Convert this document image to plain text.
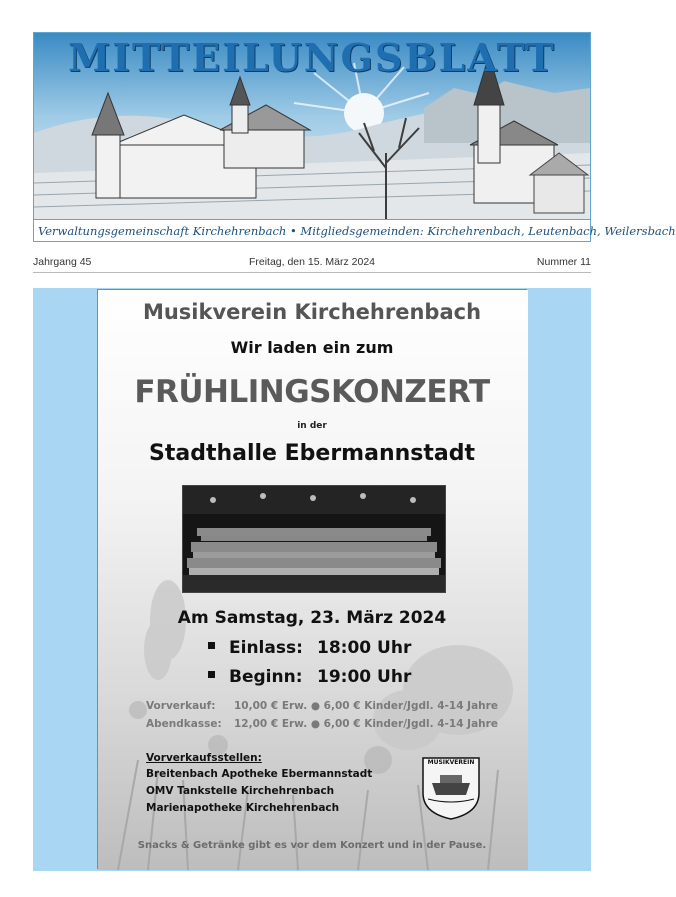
MITTEILUNGSBLATT
Verwaltungsgemeinschaft Kirchehrenbach • Mitgliedsgemeinden: Kirchehrenbach, Leutenbach, Weilersbach
Jahrgang 45	Freitag, den 15. März 2024	Nummer 11
Musikverein Kirchehrenbach
Wir laden ein zum
FRÜHLINGSKONZERT
in der
Stadthalle Ebermannstadt
Am Samstag, 23. März 2024
Einlass: 18:00 Uhr
Beginn: 19:00 Uhr
Vorverkauf: 10,00 € Erw. ● 6,00 € Kinder/Jgdl. 4-14 Jahre
Abendkasse: 12,00 € Erw. ● 6,00 € Kinder/Jgdl. 4-14 Jahre
Vorverkaufsstellen:
Breitenbach Apotheke Ebermannstadt
OMV Tankstelle Kirchehrenbach
Marienapotheke Kirchehrenbach
MUSIKVEREIN
Snacks & Getränke gibt es vor dem Konzert und in der Pause.
